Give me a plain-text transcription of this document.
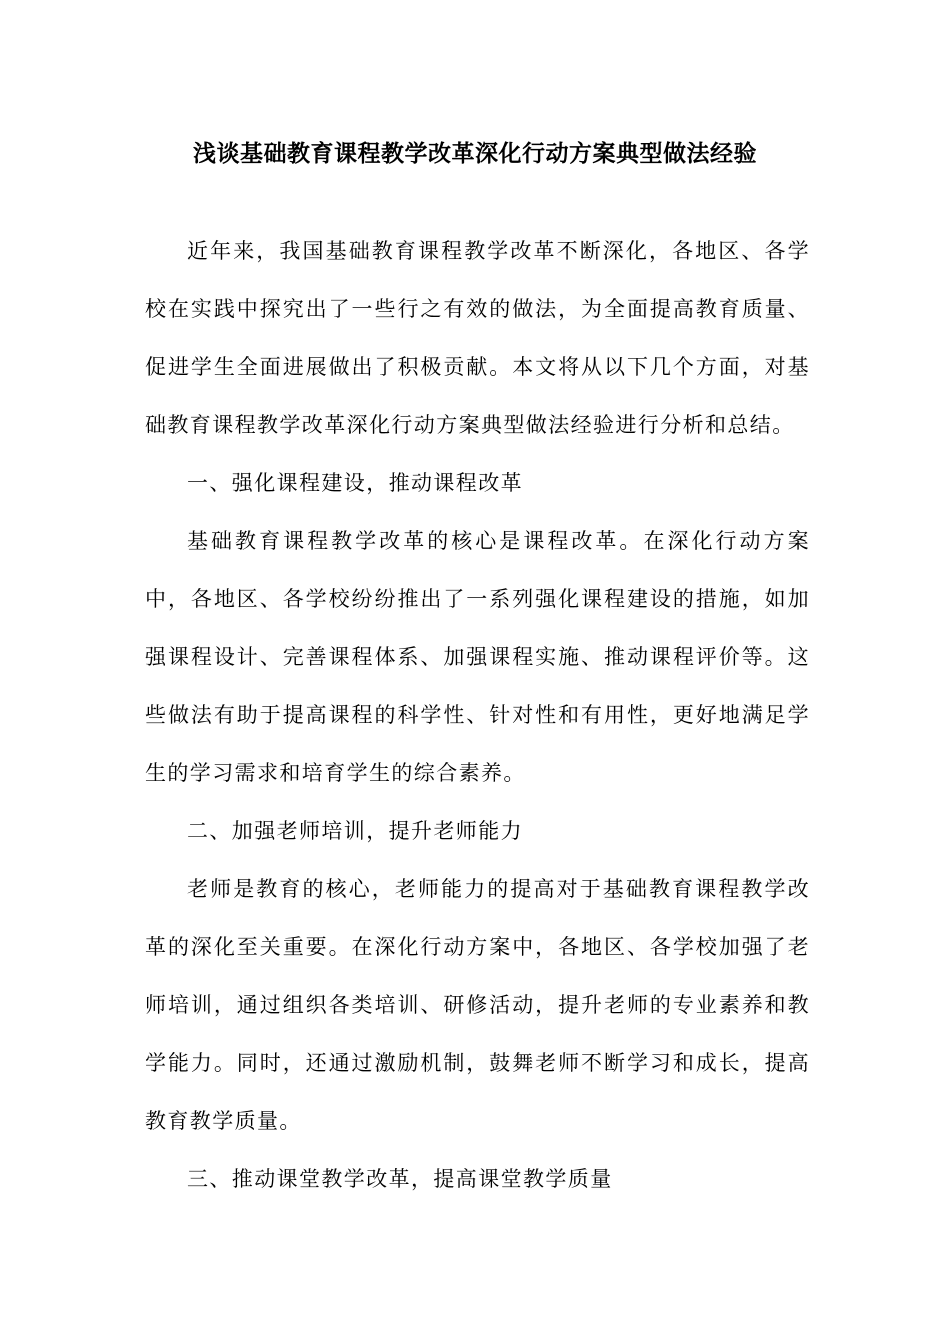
浅谈基础教育课程教学改革深化行动方案典型做法经验

近年来，我国基础教育课程教学改革不断深化，各地区、各学校在实践中探究出了一些行之有效的做法，为全面提高教育质量、促进学生全面进展做出了积极贡献。本文将从以下几个方面，对基础教育课程教学改革深化行动方案典型做法经验进行分析和总结。

一、强化课程建设，推动课程改革

基础教育课程教学改革的核心是课程改革。在深化行动方案中，各地区、各学校纷纷推出了一系列强化课程建设的措施，如加强课程设计、完善课程体系、加强课程实施、推动课程评价等。这些做法有助于提高课程的科学性、针对性和有用性，更好地满足学生的学习需求和培育学生的综合素养。

二、加强老师培训，提升老师能力

老师是教育的核心，老师能力的提高对于基础教育课程教学改革的深化至关重要。在深化行动方案中，各地区、各学校加强了老师培训，通过组织各类培训、研修活动，提升老师的专业素养和教学能力。同时，还通过激励机制，鼓舞老师不断学习和成长，提高教育教学质量。

三、推动课堂教学改革，提高课堂教学质量
